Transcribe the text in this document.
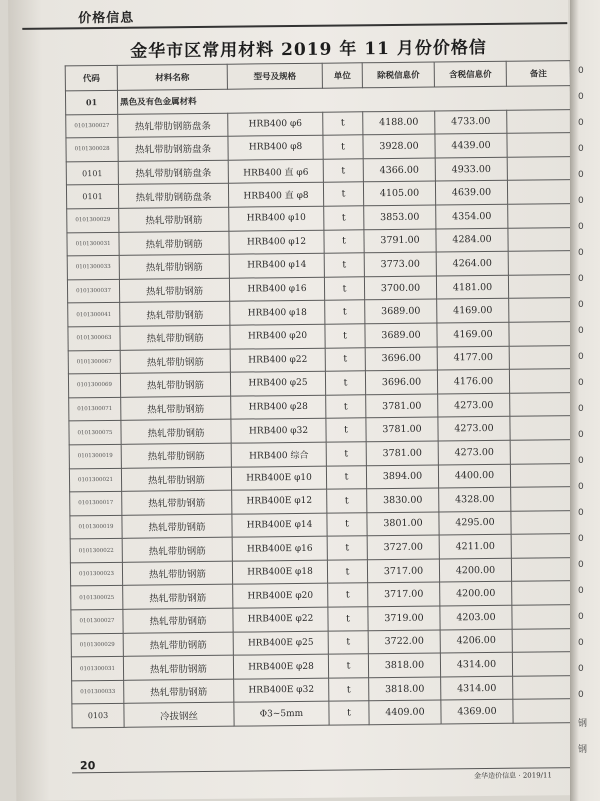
价格信息
金华市区常用材料 2019 年 11 月份价格信息
代码	材料名称	型号及规格	单位	除税信息价	含税信息价	备注
01	黑色及有色金属材料					
0101300027	热轧带肋钢筋盘条	HRB400 φ6	t	4188.00	4733.00	
0101300028	热轧带肋钢筋盘条	HRB400 φ8	t	3928.00	4439.00	
0101	热轧带肋钢筋盘条	HRB400 直 φ6	t	4366.00	4933.00	
0101	热轧带肋钢筋盘条	HRB400 直 φ8	t	4105.00	4639.00	
0101300029	热轧带肋钢筋	HRB400 φ10	t	3853.00	4354.00	
0101300031	热轧带肋钢筋	HRB400 φ12	t	3791.00	4284.00	
0101300033	热轧带肋钢筋	HRB400 φ14	t	3773.00	4264.00	
0101300037	热轧带肋钢筋	HRB400 φ16	t	3700.00	4181.00	
0101300041	热轧带肋钢筋	HRB400 φ18	t	3689.00	4169.00	
0101300063	热轧带肋钢筋	HRB400 φ20	t	3689.00	4169.00	
0101300067	热轧带肋钢筋	HRB400 φ22	t	3696.00	4177.00	
0101300069	热轧带肋钢筋	HRB400 φ25	t	3696.00	4176.00	
0101300071	热轧带肋钢筋	HRB400 φ28	t	3781.00	4273.00	
0101300075	热轧带肋钢筋	HRB400 φ32	t	3781.00	4273.00	
0101300019	热轧带肋钢筋	HRB400 综合	t	3781.00	4273.00	
0101300021	热轧带肋钢筋	HRB400E φ10	t	3894.00	4400.00	
0101300017	热轧带肋钢筋	HRB400E φ12	t	3830.00	4328.00	
0101300019	热轧带肋钢筋	HRB400E φ14	t	3801.00	4295.00	
0101300022	热轧带肋钢筋	HRB400E φ16	t	3727.00	4211.00	
0101300023	热轧带肋钢筋	HRB400E φ18	t	3717.00	4200.00	
0101300025	热轧带肋钢筋	HRB400E φ20	t	3717.00	4200.00	
0101300027	热轧带肋钢筋	HRB400E φ22	t	3719.00	4203.00	
0101300029	热轧带肋钢筋	HRB400E φ25	t	3722.00	4206.00	
0101300031	热轧带肋钢筋	HRB400E φ28	t	3818.00	4314.00	
0101300033	热轧带肋钢筋	HRB400E φ32	t	3818.00	4314.00	
0103	冷拔钢丝	Φ3~5mm	t	4409.00	4369.00	
20
金华造价信息 · 2019/11
0
0
0
0
0
0
0
0
0
0
0
0
0
0
0
0
0
0
0
0
0
0
0
0
0
钢
钢
